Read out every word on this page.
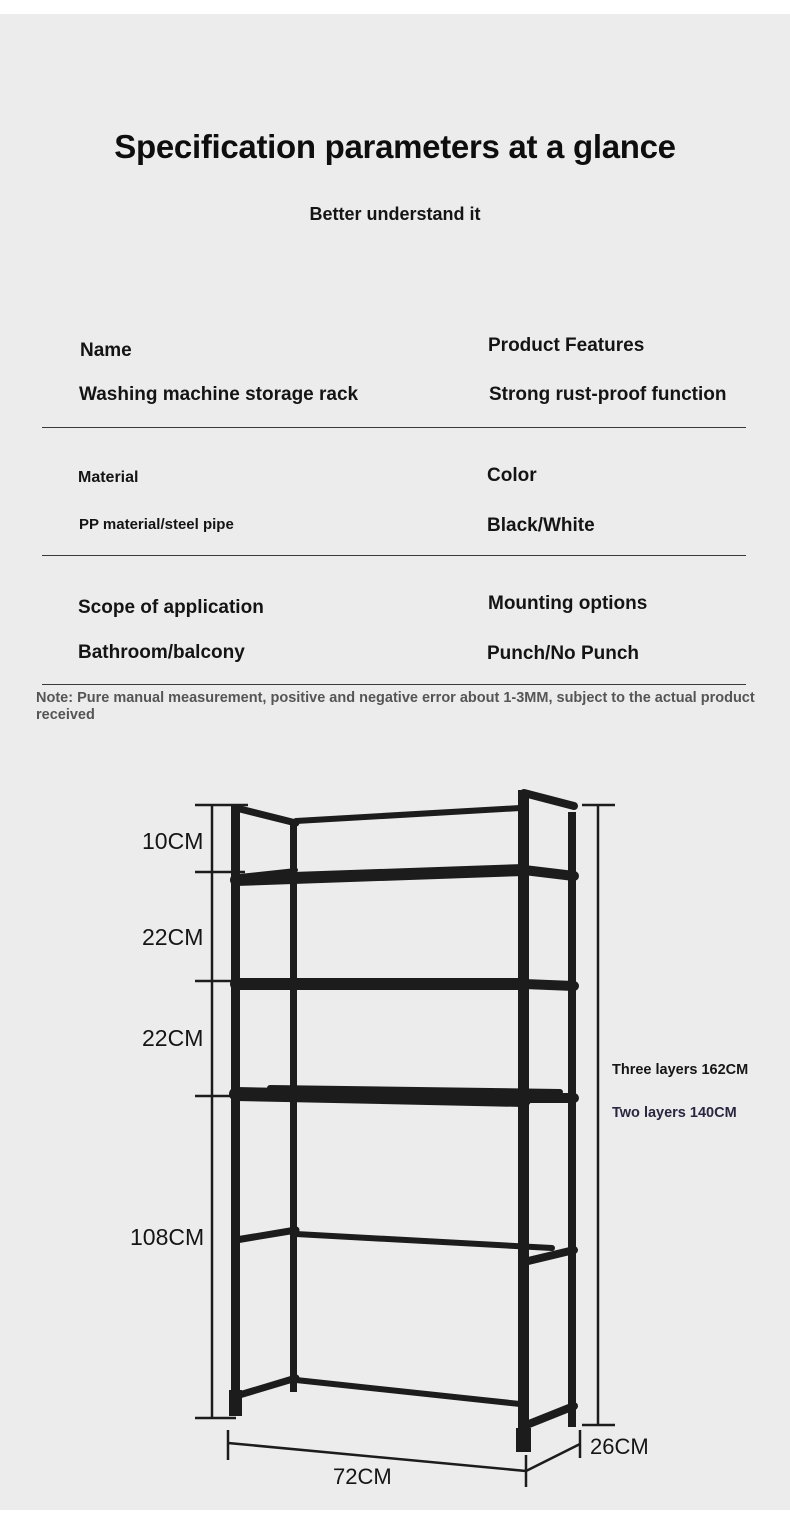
Specification parameters at a glance
Better understand it
Name
Washing machine storage rack
Product Features
Strong rust-proof function
Material
PP material/steel pipe
Color
Black/White
Scope of application
Bathroom/balcony
Mounting options
Punch/No Punch
Note: Pure manual measurement, positive and negative error about 1-3MM, subject to the actual product received
10CM
22CM
22CM
108CM
72CM
26CM
Three layers 162CM
Two layers 140CM
